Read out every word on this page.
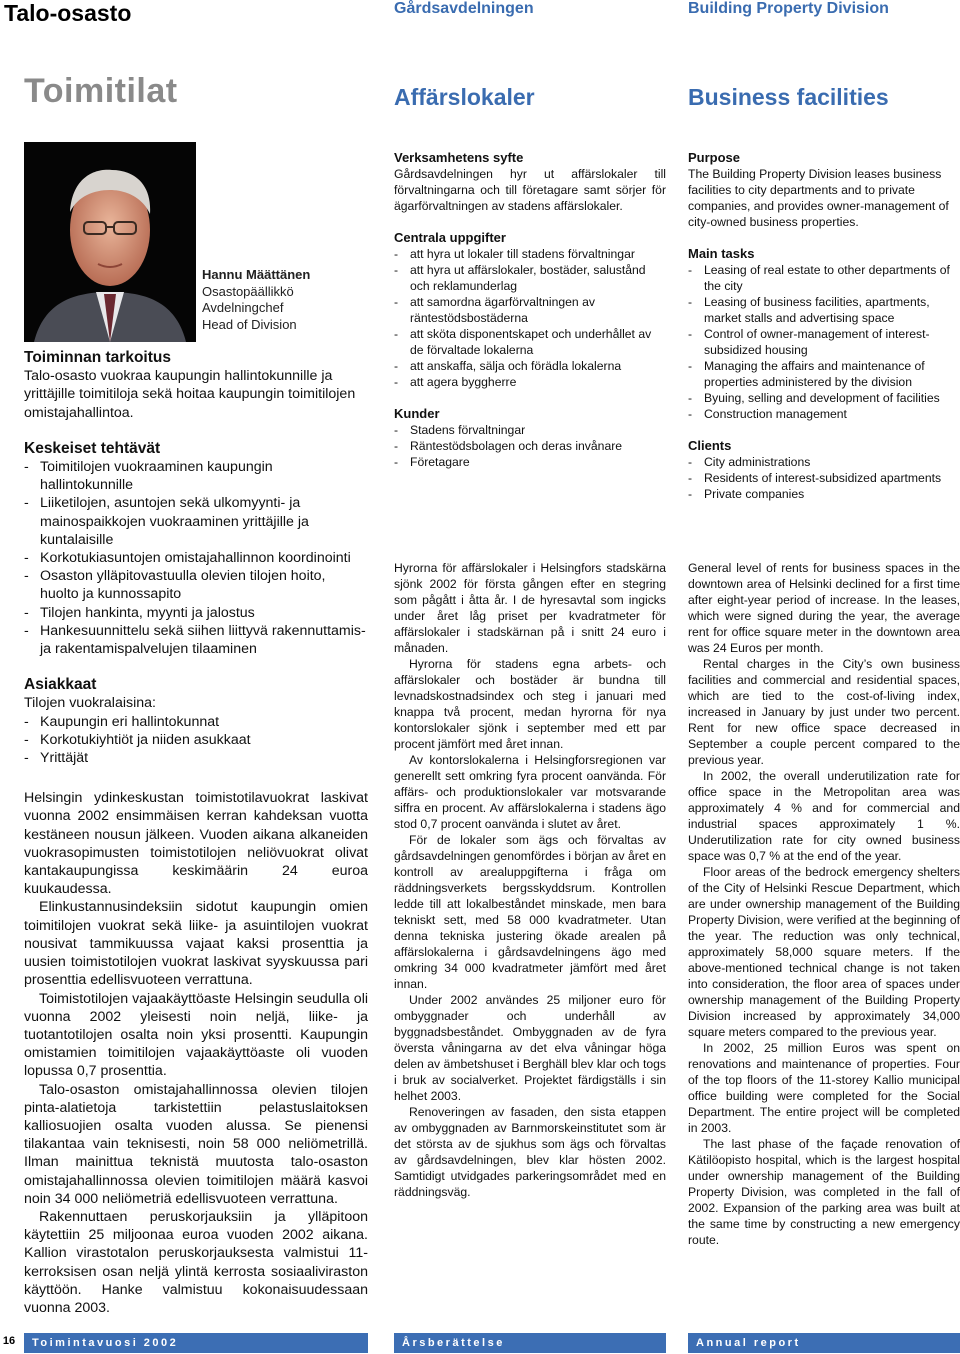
Talo-osasto	Gårdsavdelningen	Building Property Division
Toimitilat	Affärslokaler	Business facilities
Hannu Määttänen
Osastopäällikkö
Avdelningchef
Head of Division
Toiminnan tarkoitus

Talo-osasto vuokraa kaupungin hallintokunnille ja yrittäjille toimitiloja sekä hoitaa kaupungin toimitilojen omistajahallintoa.

Keskeiset tehtävät
- Toimitilojen vuokraaminen kaupungin hallintokunnille
- Liiketilojen, asuntojen sekä ulkomyynti- ja mainospaikkojen vuokraaminen yrittäjille ja kuntalaisille
- Korkotukiasuntojen omistajahallinnon koordinointi
- Osaston ylläpitovastuulla olevien tilojen hoito, huolto ja kunnossapito
- Tilojen hankinta, myynti ja jalostus
- Hankesuunnittelu sekä siihen liittyvä rakennuttamis- ja rakentamispalvelujen tilaaminen
Asiakkaat

Tilojen vuokralaisina:

- Kaupungin eri hallintokunnat
- Korkotukiyhtiöt ja niiden asukkaat
- Yrittäjät

Helsingin ydinkeskustan toimistotilavuokrat laskivat vuonna 2002 ensimmäisen kerran kahdeksan vuotta kestäneen nousun jälkeen. Vuoden aikana alkaneiden vuokrasopimusten toimistotilojen neliövuokrat olivat kantakaupungissa keskimäärin 24 euroa kuukaudessa.

Elinkustannusindeksiin sidotut kaupungin omien toimitilojen vuokrat sekä liike- ja asuintilojen vuokrat nousivat tammikuussa vajaat kaksi prosenttia ja uusien toimistotilojen vuokrat laskivat syyskuussa pari prosenttia edellisvuoteen verrattuna.

Toimistotilojen vajaakäyttöaste Helsingin seudulla oli vuonna 2002 yleisesti noin neljä, liike- ja tuotantotilojen osalta noin yksi prosentti. Kaupungin omistamien toimitilojen vajaakäyttöaste oli vuoden lopussa 0,7 prosenttia.

Talo-osaston omistajahallinnossa olevien tilojen pinta-alatietoja tarkistettiin pelastuslaitoksen kalliosuojien osalta vuoden alussa. Se pienensi tilakantaa vain teknisesti, noin 58 000 neliömetrillä. Ilman mainittua teknistä muutosta talo-osaston omistajahallinnossa olevien toimitilojen määrä kasvoi noin 34 000 neliömetriä edellisvuoteen verrattuna.

Rakennuttaen peruskorjauksiin ja ylläpitoon käytettiin 25 miljoonaa euroa vuoden 2002 aikana. Kallion virastotalon peruskorjauksesta valmistui 11-kerroksisen osan neljä ylintä kerrosta sosiaaliviraston käyttöön. Hanke valmistuu kokonaisuudessaan vuonna 2003.

Verksamhetens syfte

Gårdsavdelningen hyr ut affärslokaler till förvaltningarna och till företagare samt sörjer för ägarförvaltningen av stadens affärslokaler.

Centrala uppgifter
- att hyra ut lokaler till stadens förvaltningar
- att hyra ut affärslokaler, bostäder, salustånd och reklamunderlag
- att samordna ägarförvaltningen av räntestödsbostäderna
- att sköta disponentskapet och underhållet av de förvaltade lokalerna
- att anskaffa, sälja och förädla lokalerna
- att agera byggherre
Kunder
- Stadens förvaltningar
- Räntestödsbolagen och deras invånare
- Företagare

Hyrorna för affärslokaler i Helsingfors stadskärna sjönk 2002 för första gången efter en stegring som pågått i åtta år. I de hyresavtal som ingicks under året låg priset per kvadratmeter för affärslokaler i stadskärnan på i snitt 24 euro i månaden.

Hyrorna för stadens egna arbets- och affärslokaler och bostäder är bundna till levnadskostnadsindex och steg i januari med knappa två procent, medan hyrorna för nya kontorslokaler sjönk i september med ett par procent jämfört med året innan.

Av kontorslokalerna i Helsingforsregionen var generellt sett omkring fyra procent oanvända. För affärs- och produktionslokaler var motsvarande siffra en procent. Av affärslokalerna i stadens ägo stod 0,7 procent oanvända i slutet av året.

För de lokaler som ägs och förvaltas av gårdsavdelningen genomfördes i början av året en kontroll av arealuppgifterna i fråga om räddningsverkets bergsskyddsrum. Kontrollen ledde till att lokalbeståndet minskade, men bara tekniskt sett, med 58 000 kvadratmeter. Utan denna tekniska justering ökade arealen på affärslokalerna i gårdsavdelningens ägo med omkring 34 000 kvadratmeter jämfört med året innan.

Under 2002 användes 25 miljoner euro för ombyggnader och underhåll av byggnadsbeståndet. Ombyggnaden av de fyra översta våningarna av det elva våningar höga delen av ämbetshuset i Berghäll blev klar och togs i bruk av socialverket. Projektet färdigställs i sin helhet 2003.

Renoveringen av fasaden, den sista etappen av ombyggnaden av Barnmorskeinstitutet som är det största av de sjukhus som ägs och förvaltas av gårdsavdelningen, blev klar hösten 2002. Samtidigt utvidgades parkeringsområdet med en räddningsväg.

Purpose

The Building Property Division leases business facilities to city departments and to private companies, and provides owner-management of city-owned business properties.

Main tasks
- Leasing of real estate to other departments of the city
- Leasing of business facilities, apartments, market stalls and advertising space
- Control of owner-management of interest-subsidized housing
- Managing the affairs and maintenance of properties administered by the division
- Byuing, selling and development of facilities
- Construction management
Clients
- City administrations
- Residents of interest-subsidized apartments
- Private companies

General level of rents for business spaces in the downtown area of Helsinki declined for a first time after eight-year period of increase. In the leases, which were signed during the year, the average rent for office square meter in the downtown area was 24 Euros per month.

Rental charges in the City’s own business facilities and commercial and residential spaces, which are tied to the cost-of-living index, increased in January by just under two percent. Rent for new office space decreased in September a couple percent compared to the previous year.

In 2002, the overall underutilization rate for office space in the Metropolitan area was approximately 4 % and for commercial and industrial spaces approximately 1 %. Underutilization rate for city owned business space was 0,7 % at the end of the year.

Floor areas of the bedrock emergency shelters of the City of Helsinki Rescue Department, which are under ownership management of the Building Property Division, were verified at the beginning of the year. The reduction was only technical, approximately 58,000 square meters. If the above-mentioned technical change is not taken into consideration, the floor area of spaces under ownership management of the Building Property Division increased by approximately 34,000 square meters compared to the previous year.

In 2002, 25 million Euros was spent on renovations and maintenance of properties. Four of the top floors of the 11-storey Kallio municipal office building were completed for the Social Department. The entire project will be completed in 2003.

The last phase of the façade renovation of Kätilöopisto hospital, which is the largest hospital under ownership management of the Building Property Division, was completed in the fall of 2002. Expansion of the parking area was built at the same time by constructing a new emergency route.

16	Toimintavuosi 2002	Årsberättelse	Annual report
